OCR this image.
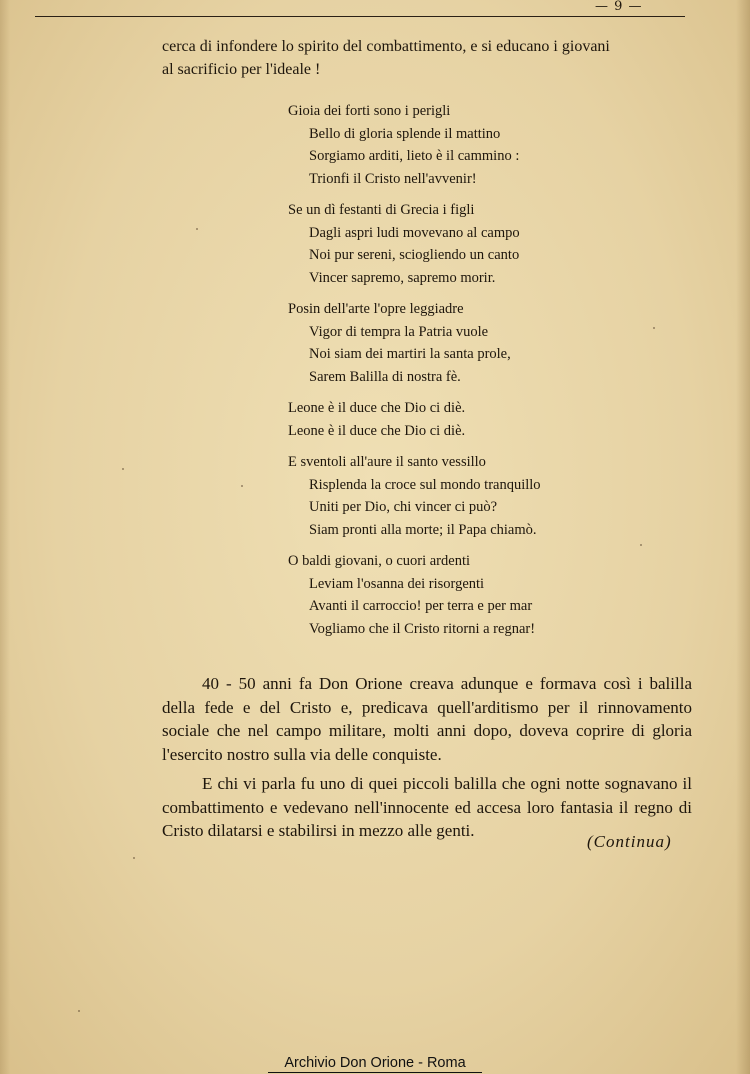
— 9 —

cerca di infondere lo spirito del combattimento, e si educano i giovani

al sacrificio per l'ideale !

Gioia dei forti sono i perigli
Bello di gloria splende il mattino
Sorgiamo arditi, lieto è il cammino :
Trionfi il Cristo nell'avvenir!
Se un dì festanti di Grecia i figli
Dagli aspri ludi movevano al campo
Noi pur sereni, sciogliendo un canto
Vincer sapremo, sapremo morir.
Posin dell'arte l'opre leggiadre
Vigor di tempra la Patria vuole
Noi siam dei martiri la santa prole,
Sarem Balilla di nostra fè.
Leone è il duce che Dio ci diè.
Leone è il duce che Dio ci diè.
E sventoli all'aure il santo vessillo
Risplenda la croce sul mondo tranquillo
Uniti per Dio, chi vincer ci può?
Siam pronti alla morte; il Papa chiamò.
O baldi giovani, o cuori ardenti
Leviam l'osanna dei risorgenti
Avanti il carroccio! per terra e per mar
Vogliamo che il Cristo ritorni a regnar!

40 - 50 anni fa Don Orione creava adunque e formava così i balilla della fede e del Cristo e, predicava quell'arditismo per il rinnovamento sociale che nel campo militare, molti anni dopo, doveva coprire di gloria l'esercito nostro sulla via delle conquiste.

E chi vi parla fu uno di quei piccoli balilla che ogni notte sognavano il combattimento e vedevano nell'innocente ed accesa loro fantasia il regno di Cristo dilatarsi e stabilirsi in mezzo alle genti.

(Continua)
Archivio Don Orione - Roma
